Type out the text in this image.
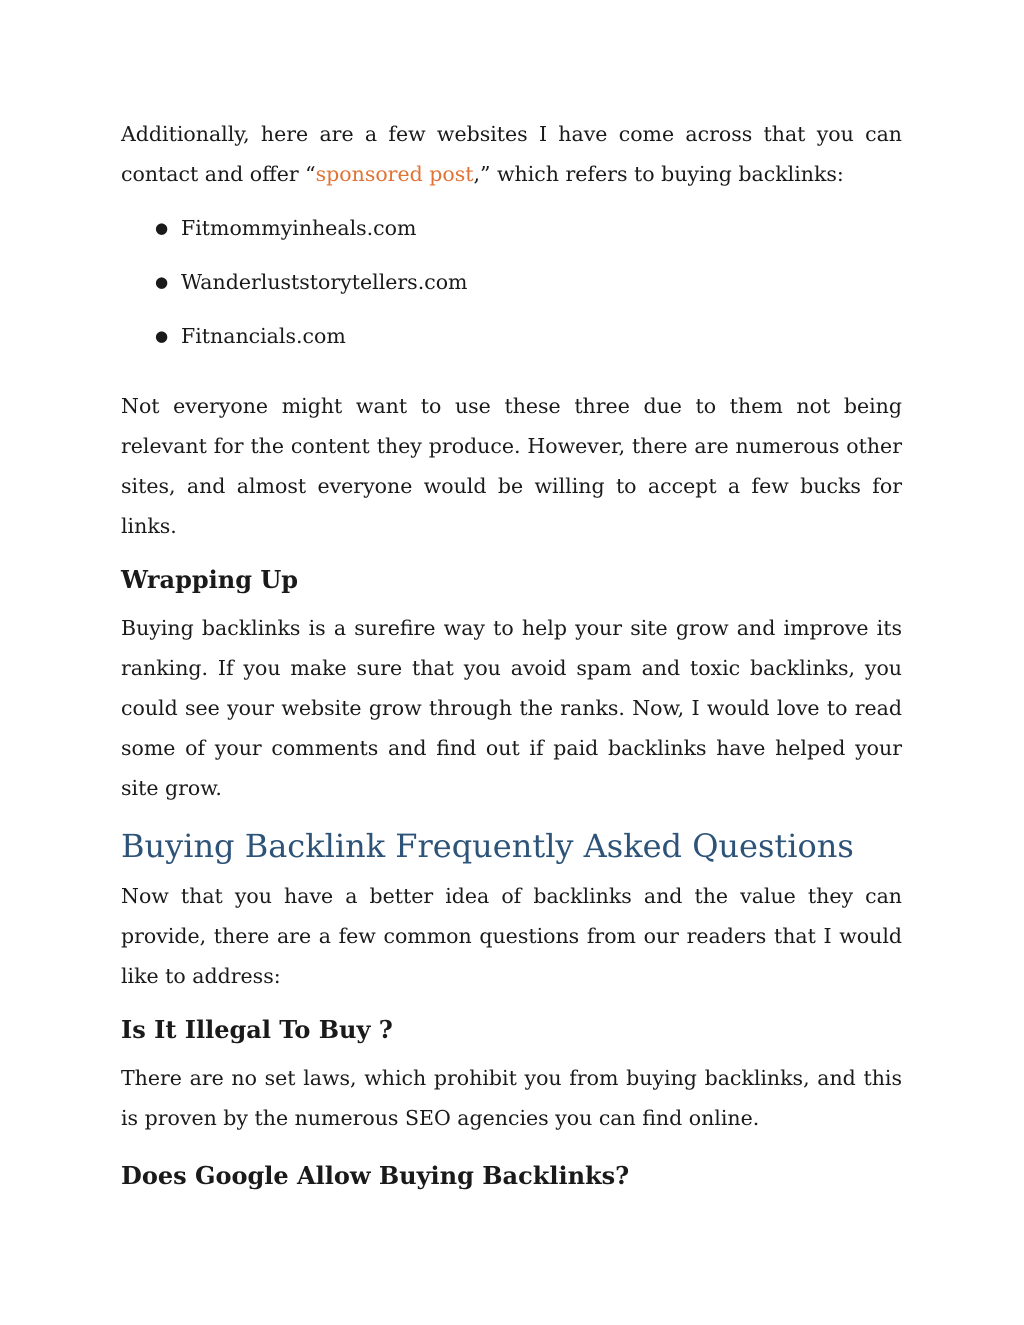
Additionally, here are a few websites I have come across that you can contact and offer “sponsored post,” which refers to buying backlinks:

● Fitmommyinheals.com
● Wanderluststorytellers.com
● Fitnancials.com

Not everyone might want to use these three due to them not being relevant for the content they produce. However, there are numerous other sites, and almost everyone would be willing to accept a few bucks for links.

Wrapping Up

Buying backlinks is a surefire way to help your site grow and improve its ranking. If you make sure that you avoid spam and toxic backlinks, you could see your website grow through the ranks. Now, I would love to read some of your comments and find out if paid backlinks have helped your site grow.

Buying Backlink Frequently Asked Questions

Now that you have a better idea of backlinks and the value they can provide, there are a few common questions from our readers that I would like to address:

Is It Illegal To Buy ?

There are no set laws, which prohibit you from buying backlinks, and this is proven by the numerous SEO agencies you can find online.

Does Google Allow Buying Backlinks?
